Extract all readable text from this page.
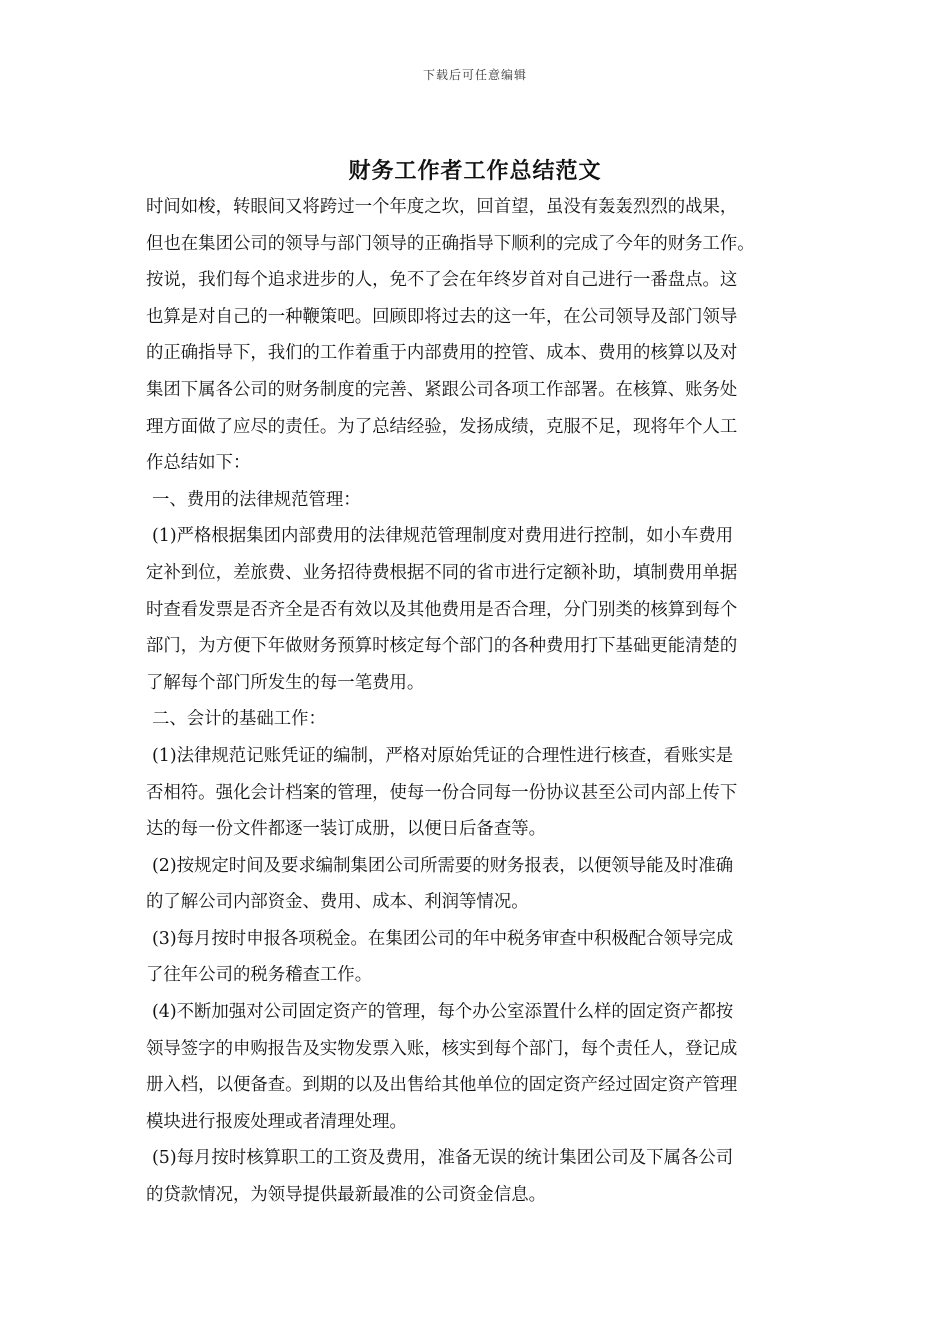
下载后可任意编辑
财务工作者工作总结范文
时间如梭，转眼间又将跨过一个年度之坎，回首望，虽没有轰轰烈烈的战果，
但也在集团公司的领导与部门领导的正确指导下顺利的完成了今年的财务工作。
按说，我们每个追求进步的人，免不了会在年终岁首对自己进行一番盘点。这
也算是对自己的一种鞭策吧。回顾即将过去的这一年，在公司领导及部门领导
的正确指导下，我们的工作着重于内部费用的控管、成本、费用的核算以及对
集团下属各公司的财务制度的完善、紧跟公司各项工作部署。在核算、账务处
理方面做了应尽的责任。为了总结经验，发扬成绩，克服不足，现将年个人工
作总结如下：
一、费用的法律规范管理：
(1)严格根据集团内部费用的法律规范管理制度对费用进行控制，如小车费用
定补到位，差旅费、业务招待费根据不同的省市进行定额补助，填制费用单据
时查看发票是否齐全是否有效以及其他费用是否合理，分门别类的核算到每个
部门，为方便下年做财务预算时核定每个部门的各种费用打下基础更能清楚的
了解每个部门所发生的每一笔费用。
二、会计的基础工作：
(1)法律规范记账凭证的编制，严格对原始凭证的合理性进行核查，看账实是
否相符。强化会计档案的管理，使每一份合同每一份协议甚至公司内部上传下
达的每一份文件都逐一装订成册，以便日后备查等。
(2)按规定时间及要求编制集团公司所需要的财务报表，以便领导能及时准确
的了解公司内部资金、费用、成本、利润等情况。
(3)每月按时申报各项税金。在集团公司的年中税务审查中积极配合领导完成
了往年公司的税务稽查工作。
(4)不断加强对公司固定资产的管理，每个办公室添置什么样的固定资产都按
领导签字的申购报告及实物发票入账，核实到每个部门，每个责任人，登记成
册入档，以便备查。到期的以及出售给其他单位的固定资产经过固定资产管理
模块进行报废处理或者清理处理。
(5)每月按时核算职工的工资及费用，准备无误的统计集团公司及下属各公司
的贷款情况，为领导提供最新最准的公司资金信息。
